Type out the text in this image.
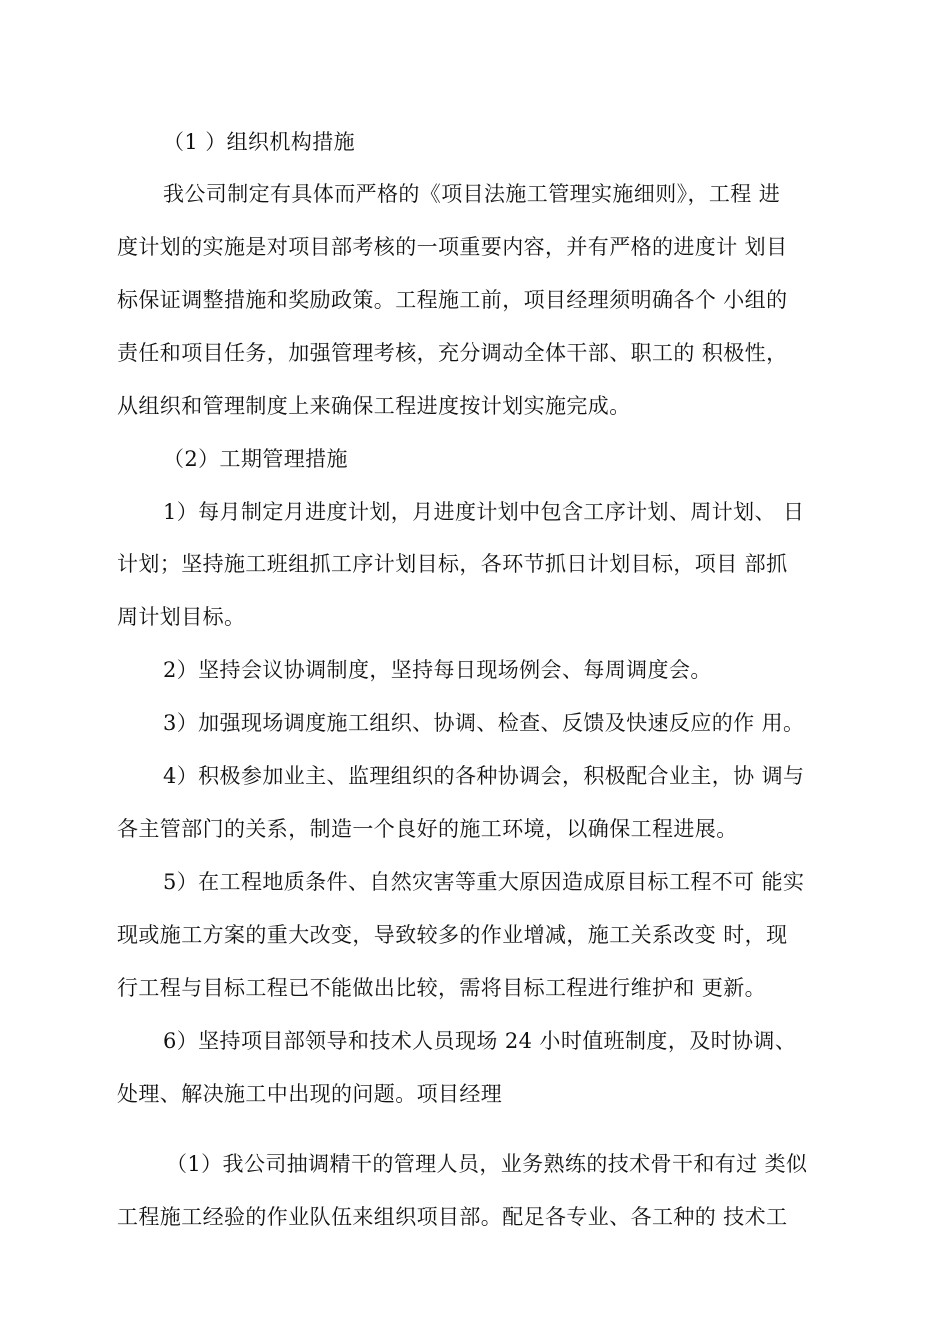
（1 ）组织机构措施
我公司制定有具体而严格的《项目法施工管理实施细则》，工程 进
度计划的实施是对项目部考核的一项重要内容，并有严格的进度计 划目
标保证调整措施和奖励政策。工程施工前，项目经理须明确各个 小组的
责任和项目任务，加强管理考核，充分调动全体干部、职工的 积极性，
从组织和管理制度上来确保工程进度按计划实施完成。
（2）工期管理措施
1）每月制定月进度计划，月进度计划中包含工序计划、周计划、 日
计划；坚持施工班组抓工序计划目标，各环节抓日计划目标，项目 部抓
周计划目标。
2）坚持会议协调制度，坚持每日现场例会、每周调度会。
3）加强现场调度施工组织、协调、检查、反馈及快速反应的作 用。
4）积极参加业主、监理组织的各种协调会，积极配合业主，协 调与
各主管部门的关系，制造一个良好的施工环境，以确保工程进展。
5）在工程地质条件、自然灾害等重大原因造成原目标工程不可 能实
现或施工方案的重大改变，导致较多的作业增减，施工关系改变 时，现
行工程与目标工程已不能做出比较，需将目标工程进行维护和 更新。
6）坚持项目部领导和技术人员现场 24 小时值班制度，及时协调、
处理、解决施工中出现的问题。项目经理
（1）我公司抽调精干的管理人员，业务熟练的技术骨干和有过 类似
工程施工经验的作业队伍来组织项目部。配足各专业、各工种的 技术工
